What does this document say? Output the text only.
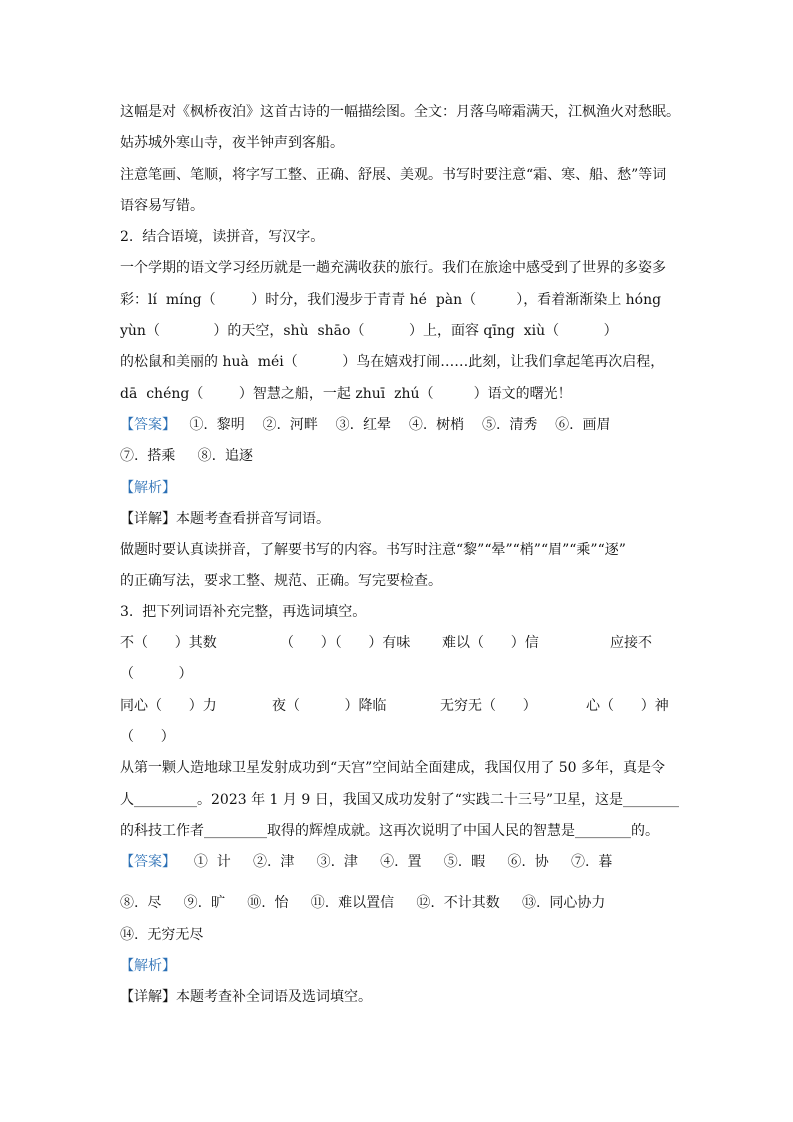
这幅是对《枫桥夜泊》这首古诗的一幅描绘图。全文：月落乌啼霜满天，江枫渔火对愁眠。
姑苏城外寒山寺，夜半钟声到客船。
注意笔画、笔顺，将字写工整、正确、舒展、美观。书写时要注意“霜、寒、船、愁”等词
语容易写错。
2.  结合语境，读拼音，写汉字。
一个学期的语文学习经历就是一趟充满收获的旅行。我们在旅途中感受到了世界的多姿多
彩：lí  míng（        ）时分，我们漫步于青青 hé  pàn（         ），看着渐渐染上 hóng
yùn（            ）的天空，shù  shāo（          ）上，面容 qīng  xiù（          ）
的松鼠和美丽的 huà  méi（          ）鸟在嬉戏打闹……此刻，让我们拿起笔再次启程，
dā  chéng（        ）智慧之船，一起 zhuī  zhú（         ）语文的曙光！
【答案】 ①.  黎明    ②.  河畔    ③.  红晕    ④.  树梢    ⑤.  清秀    ⑥.  画眉
⑦.  搭乘     ⑧.  追逐
【解析】
【详解】本题考查看拼音写词语。
做题时要认真读拼音，了解要书写的内容。书写时注意“黎”“晕”“梢”“眉”“乘”“逐”
的正确写法，要求工整、规范、正确。写完要检查。
3.  把下列词语补充完整，再选词填空。
不（      ）其数	（      ）（      ）有味 难以（      ）信	应接不
（          ）
同心（      ）力	夜（          ）降临	无穷无（      ）	心（      ）神
（      ）
从第一颗人造地球卫星发射成功到“天宫”空间站全面建成，我国仅用了 50 多年，真是令
人_________。2023 年 1 月 9 日，我国又成功发射了“实践二十三号”卫星，这是________
的科技工作者_________取得的辉煌成就。这再次说明了中国人民的智慧是________的。
【答案】 ①  计     ②.  津     ③.  津     ④.  置     ⑤.  暇     ⑥.  协     ⑦.  暮
⑧.  尽     ⑨.  旷     ⑩.  怡     ⑪.  难以置信     ⑫.  不计其数     ⑬.  同心协力
⑭.  无穷无尽
【解析】
【详解】本题考查补全词语及选词填空。
